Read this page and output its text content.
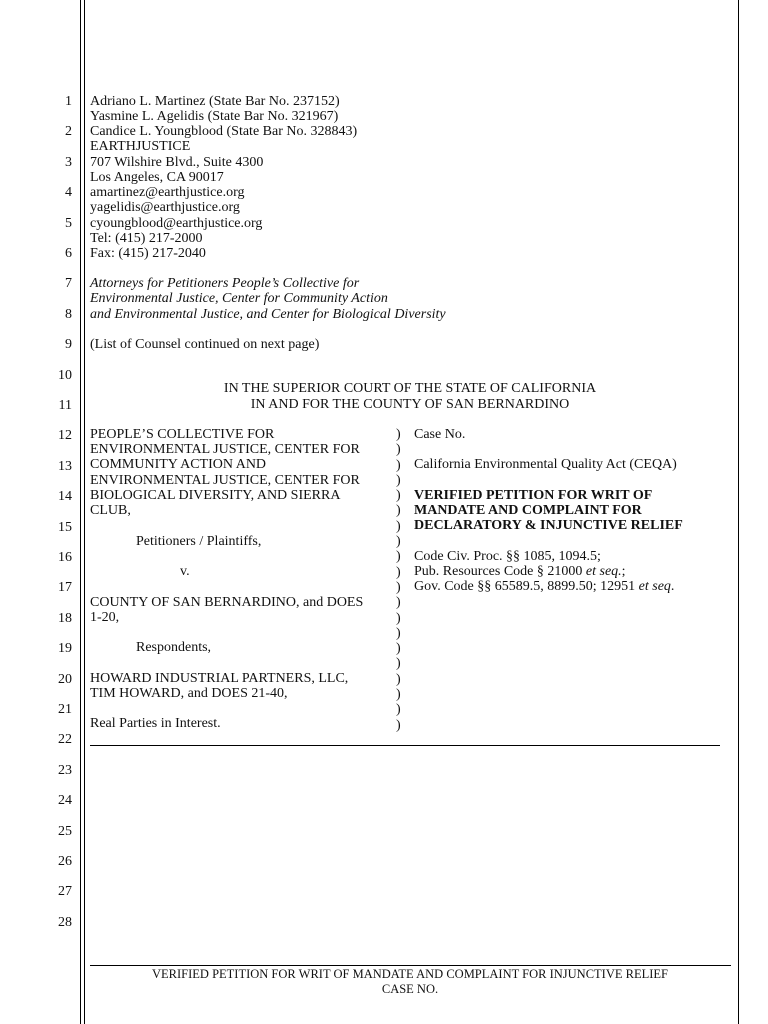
1
2
3
4
5
6
7
8
9
10
11
12
13
14
15
16
17
18
19
20
21
22
23
24
25
26
27
28
Adriano L. Martinez (State Bar No. 237152)
Yasmine L. Agelidis (State Bar No. 321967)
Candice L. Youngblood (State Bar No. 328843)
EARTHJUSTICE
707 Wilshire Blvd., Suite 4300
Los Angeles, CA 90017
amartinez@earthjustice.org
yagelidis@earthjustice.org
cyoungblood@earthjustice.org
Tel: (415) 217-2000
Fax: (415) 217-2040
Attorneys for Petitioners People’s Collective for
Environmental Justice, Center for Community Action
and Environmental Justice, and Center for Biological Diversity
(List of Counsel continued on next page)
IN THE SUPERIOR COURT OF THE STATE OF CALIFORNIA
IN AND FOR THE COUNTY OF SAN BERNARDINO
PEOPLE’S COLLECTIVE FOR
ENVIRONMENTAL JUSTICE, CENTER FOR
COMMUNITY ACTION AND
ENVIRONMENTAL JUSTICE, CENTER FOR
BIOLOGICAL DIVERSITY, AND SIERRA
CLUB,
Petitioners / Plaintiffs,
v.
COUNTY OF SAN BERNARDINO, and DOES
1-20,
Respondents,
HOWARD INDUSTRIAL PARTNERS, LLC,
TIM HOWARD, and DOES 21-40,
Real Parties in Interest.
)
)
)
)
)
)
)
)
)
)
)
)
)
)
)
)
)
)
)
)
Case No.
California Environmental Quality Act (CEQA)
VERIFIED PETITION FOR WRIT OF
MANDATE AND COMPLAINT FOR
DECLARATORY & INJUNCTIVE RELIEF
Code Civ. Proc. §§ 1085, 1094.5;
Pub. Resources Code § 21000 et seq.;
Gov. Code §§ 65589.5, 8899.50; 12951 et seq.
VERIFIED PETITION FOR WRIT OF MANDATE AND COMPLAINT FOR INJUNCTIVE RELIEF
CASE NO.
